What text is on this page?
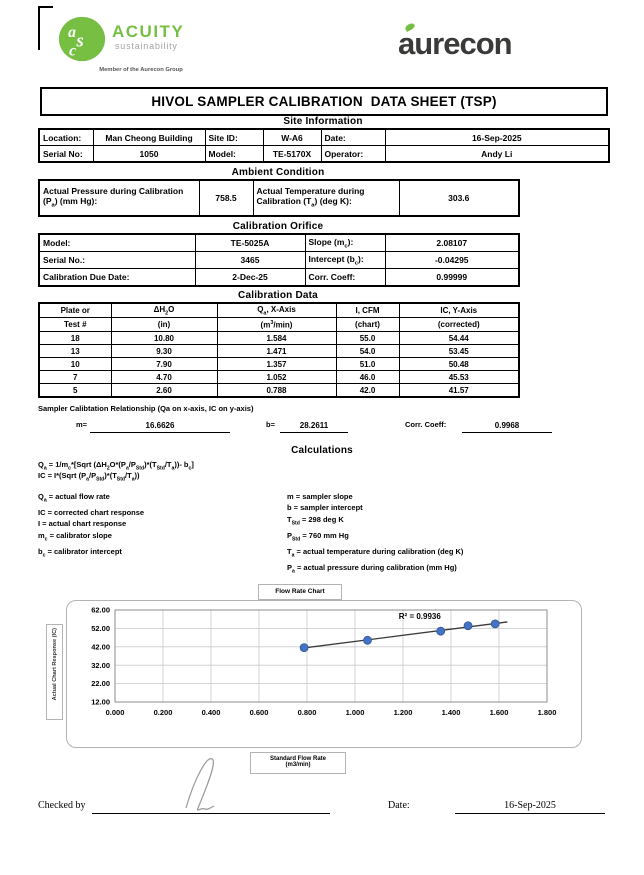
a s
c
ACUITY
sustainability
Member of the Aurecon Group
aurecon
HIVOL SAMPLER CALIBRATION  DATA SHEET (TSP)
Site Information
Location:	Man Cheong Building	Site ID:	W-A6	Date:	16-Sep-2025
Serial No:	1050	Model:	TE-5170X	Operator:	Andy Li
Ambient Condition
Actual Pressure during Calibration $(P_a)$ (mm Hg):	758.5	Actual Temperature during Calibration $(T_a)$ (deg K):	303.6
Calibration Orifice
Model:	TE-5025A	Slope $(m_c)$:	2.08107
Serial No.:	3465	Intercept $(b_c)$:	-0.04295
Calibration Due Date:	2-Dec-25	Corr. Coeff:	0.99999
Calibration Data
Plate or	$\Delta H_2O$	$Q_a$, X-Axis	I, CFM	IC, Y-Axis
Test #	(in)	$(m^3/\min)$	(chart)	(corrected)
18	10.80	1.584	55.0	54.44
13	9.30	1.471	54.0	53.45
10	7.90	1.357	51.0	50.48
7	4.70	1.052	46.0	45.53
5	2.60	0.788	42.0	41.57
Sampler Calibtation Relationship (Qa on x-axis, IC on y-axis)
m=	16.6626	b=	28.2611	Corr. Coeff:	0.9968
Calculations
$Q_a$ = $1/m_c*[Sqrt$ $(\Delta H_2O*(P_a/P_{Std})*(T_{Std}/T_a))-$ $b_c$]
IC = I*(Sqrt $(P_a/P_{Std})*(T_{Std}/T_a)$)
$Q_a$ = actual flow rate
IC = corrected chart response
I = actual chart response
$m_c$ = calibrator slope
$b_c$ = calibrator intercept
m = sampler slope
b = sampler intercept
$T_{Std} = 298$ deg K
$P_{Std} = 760$ mm Hg
$T_a$ = actual temperature during calibration (deg K)
$P_a$ = actual pressure during calibration (mm Hg)
Flow Rate Chart
Actual Chart Response (IC)
0.000	0.200	0.400	0.600	0.800	1.000	1.200	1.400	1.600	1.800
62.00
52.00
42.00
32.00
22.00
12.00
R² = 0.9936
Standard Flow Rate
(m3/min)
Checked by	Date:	16-Sep-2025
